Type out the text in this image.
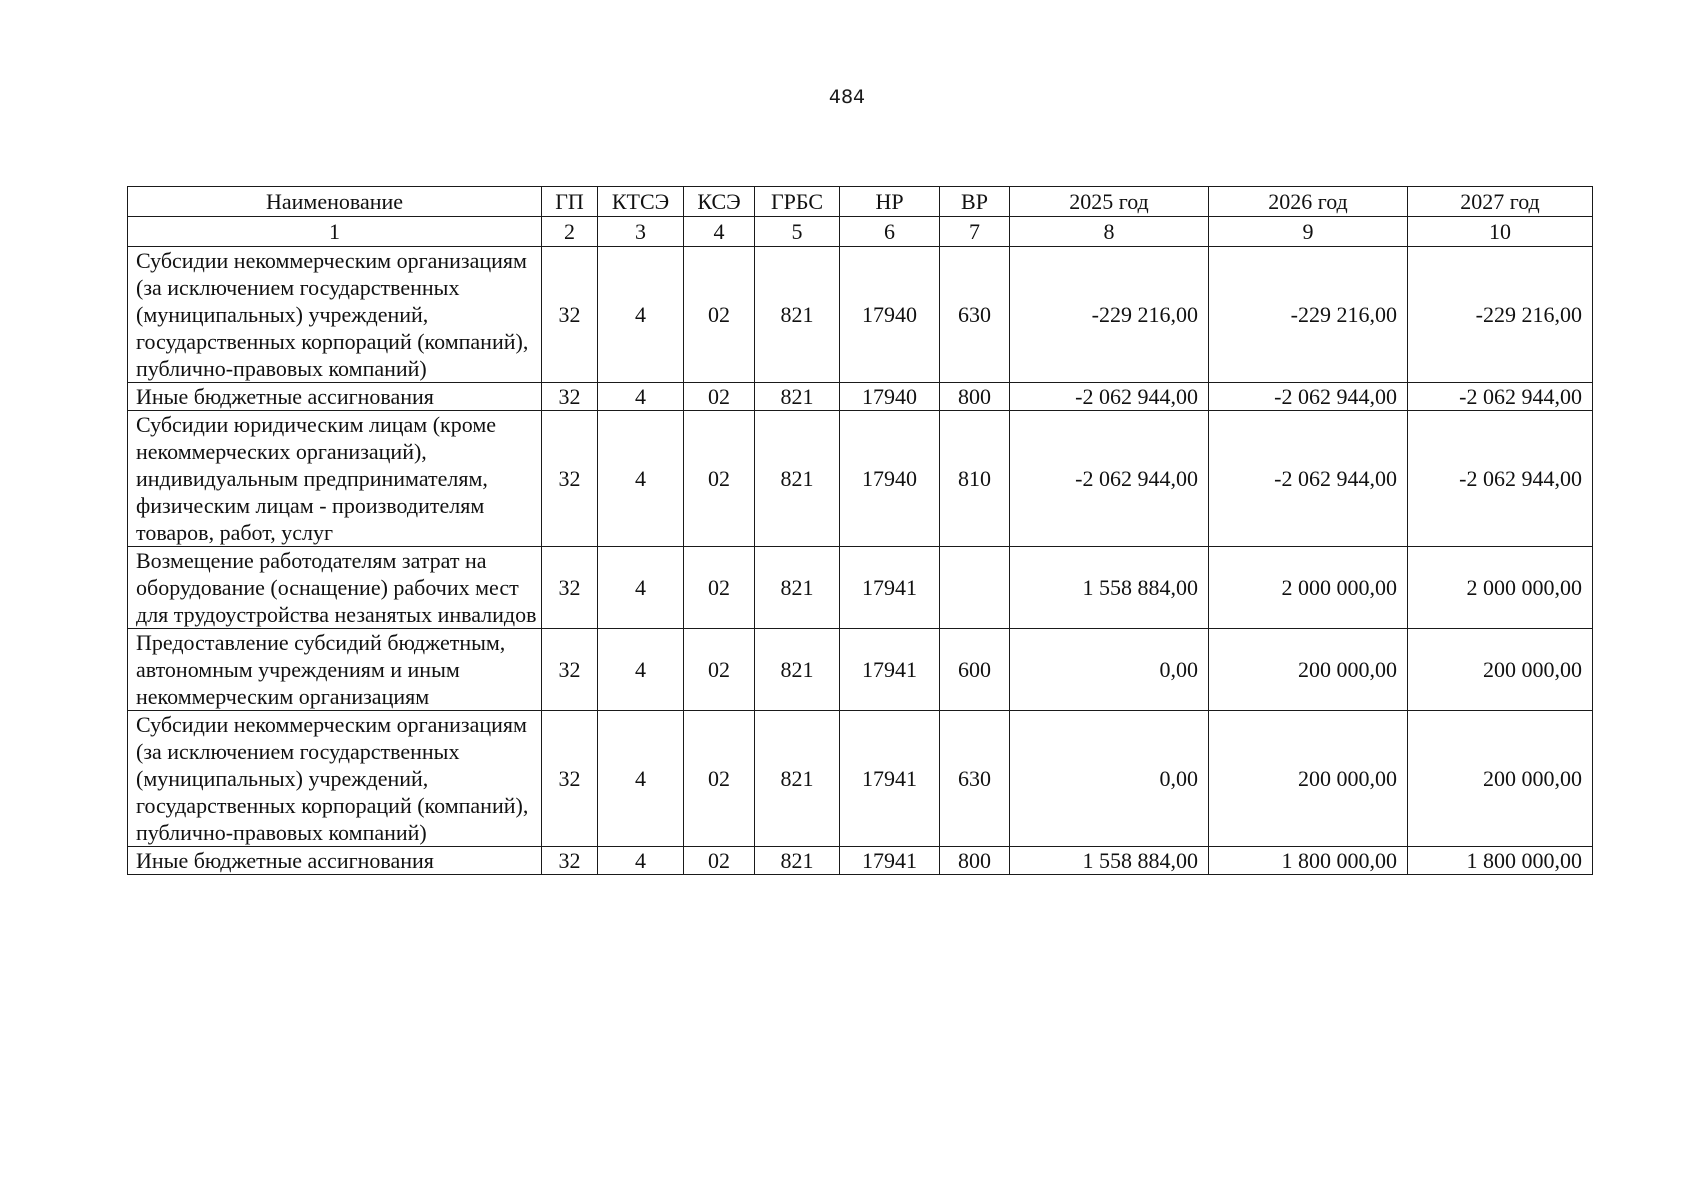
484
Наименование	ГП	КТСЭ	КСЭ	ГРБС	НР	ВР	2025 год	2026 год	2027 год
1	2	3	4	5	6	7	8	9	10
Субсидии некоммерческим организациям (за исключением государственных (муниципальных) учреждений, государственных корпораций (компаний), публично-правовых компаний)	32	4	02	821	17940	630	-229 216,00	-229 216,00	-229 216,00
Иные бюджетные ассигнования	32	4	02	821	17940	800	-2 062 944,00	-2 062 944,00	-2 062 944,00
Субсидии юридическим лицам (кроме некоммерческих организаций), индивидуальным предпринимателям, физическим лицам - производителям товаров, работ, услуг	32	4	02	821	17940	810	-2 062 944,00	-2 062 944,00	-2 062 944,00
Возмещение работодателям затрат на оборудование (оснащение) рабочих мест для трудоустройства незанятых инвалидов	32	4	02	821	17941		1 558 884,00	2 000 000,00	2 000 000,00
Предоставление субсидий бюджетным, автономным учреждениям и иным некоммерческим организациям	32	4	02	821	17941	600	0,00	200 000,00	200 000,00
Субсидии некоммерческим организациям (за исключением государственных (муниципальных) учреждений, государственных корпораций (компаний), публично-правовых компаний)	32	4	02	821	17941	630	0,00	200 000,00	200 000,00
Иные бюджетные ассигнования	32	4	02	821	17941	800	1 558 884,00	1 800 000,00	1 800 000,00
